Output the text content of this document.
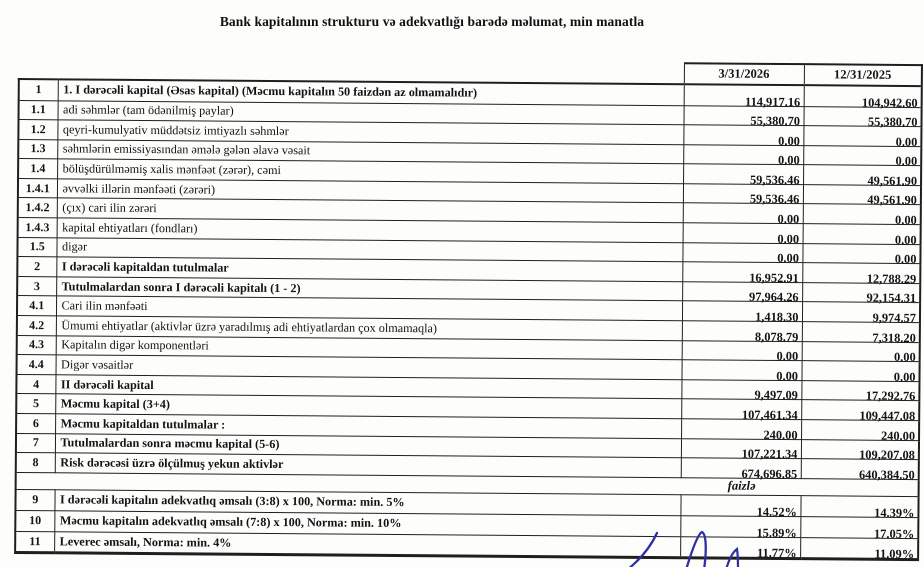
Bank kapitalının strukturu və adekvatlığı barədə məlumat, min manatla
		3/31/2026	12/31/2025
1	1. I dərəcəli kapital (Əsas kapital) (Məcmu kapitalın 50 faizdən az olmamalıdır)	114,917.16	104,942.60
1.1	adi səhmlər (tam ödənilmiş paylar)	55,380.70	55,380.70
1.2	qeyri-kumulyativ müddətsiz imtiyazlı səhmlər	0.00	0.00
1.3	səhmlərin emissiyasından əmələ gələn əlavə vəsait	0.00	0.00
1.4	bölüşdürülməmiş xalis mənfəət (zərər), cəmi	59,536.46	49,561.90
1.4.1	əvvəlki illərin mənfəəti (zərəri)	59,536.46	49,561.90
1.4.2	(çıx) cari ilin zərəri	0.00	0.00
1.4.3	kapital ehtiyatları (fondları)	0.00	0.00
1.5	digər	0.00	0.00
2	I dərəcəli kapitaldan tutulmalar	16,952.91	12,788.29
3	Tutulmalardan sonra I dərəcəli kapitalı (1 - 2)	97,964.26	92,154.31
4.1	Cari ilin mənfəəti	1,418.30	9,974.57
4.2	Ümumi ehtiyatlar (aktivlər üzrə yaradılmış adi ehtiyatlardan çox olmamaqla)	8,078.79	7,318.20
4.3	Kapitalın digər komponentləri	0.00	0.00
4.4	Digər vəsaitlər	0.00	0.00
4	II dərəcəli kapital	9,497.09	17,292.76
5	Məcmu kapital (3+4)	107,461.34	109,447.08
6	Məcmu kapitaldan tutulmalar :	240.00	240.00
7	Tutulmalardan sonra məcmu kapital (5-6)	107,221.34	109,207.08
8	Risk dərəcəsi üzrə ölçülmuş yekun aktivlər	674,696.85	640,384.50

faizlə			

9	I dərəcəli kapitalın adekvatlıq əmsalı (3:8) x 100, Norma: min. 5%	14.52%	14.39%
10	Məcmu kapitalın adekvatlıq əmsalı (7:8) x 100, Norma: min. 10%	15.89%	17.05%
11	Leverec əmsalı, Norma: min. 4%	11.77%	11.09%
